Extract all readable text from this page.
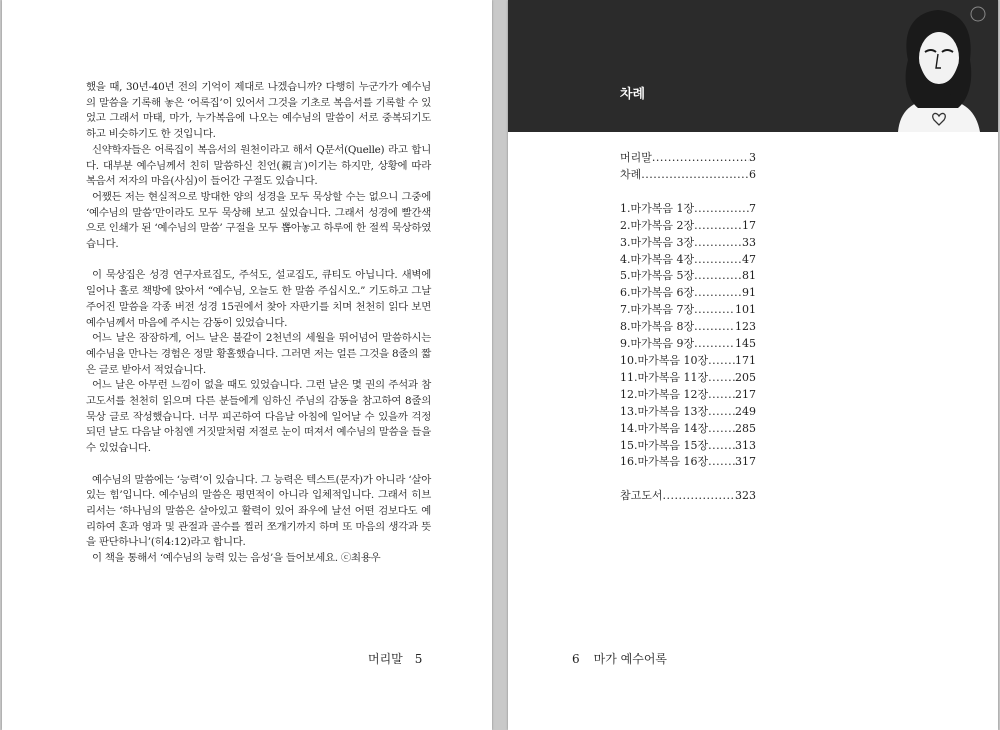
했을 때, 30년-40년 전의 기억이 제대로 나겠습니까? 다행히 누군가가 예수님의 말씀을 기록해 놓은 ‘어록집’이 있어서 그것을 기초로 복음서를 기록할 수 있었고 그래서 마태, 마가, 누가복음에 나오는 예수님의 말씀이 서로 중복되기도 하고 비슷하기도 한 것입니다.

신약학자들은 어록집이 복음서의 원천이라고 해서 Q문서(Quelle) 라고 합니다. 대부분 예수님께서 친히 말씀하신 친언(親言)이기는 하지만, 상황에 따라 복음서 저자의 마음(사심)이 들어간 구절도 있습니다.

어쨌든 저는 현실적으로 방대한 양의 성경을 모두 묵상할 수는 없으니 그중에 ‘예수님의 말씀’만이라도 모두 묵상해 보고 싶었습니다. 그래서 성경에 빨간색으로 인쇄가 된 ‘예수님의 말씀’ 구절을 모두 뽑아놓고 하루에 한 절씩 묵상하였습니다.

이 묵상집은 성경 연구자료집도, 주석도, 설교집도, 큐티도 아닙니다. 새벽에 일어나 홀로 책방에 앉아서 “예수님, 오늘도 한 말씀 주십시오.” 기도하고 그날 주어진 말씀을 각종 버전 성경 15권에서 찾아 자판기를 치며 천천히 읽다 보면 예수님께서 마음에 주시는 감동이 있었습니다.

어느 날은 잠잠하게, 어느 날은 불같이 2천년의 세월을 뛰어넘어 말씀하시는 예수님을 만나는 경험은 정말 황홀했습니다. 그러면 저는 얼른 그것을 8줄의 짧은 글로 받아서 적었습니다.

어느 날은 아무런 느낌이 없을 때도 있었습니다. 그런 날은 몇 권의 주석과 참고도서를 천천히 읽으며 다른 분들에게 임하신 주님의 감동을 참고하여 8줄의 묵상 글로 작성했습니다. 너무 피곤하여 다음날 아침에 일어날 수 있을까 걱정되던 날도 다음날 아침엔 거짓말처럼 저절로 눈이 떠져서 예수님의 말씀을 들을 수 있었습니다.

예수님의 말씀에는 ‘능력’이 있습니다. 그 능력은 텍스트(문자)가 아니라 ‘살아있는 힘’입니다. 예수님의 말씀은 평면적이 아니라 입체적입니다. 그래서 히브리서는 ‘하나님의 말씀은 살아있고 활력이 있어 좌우에 날선 어떤 검보다도 예리하여 혼과 영과 및 관절과 골수를 찔러 쪼개기까지 하며 또 마음의 생각과 뜻을 판단하나니’(히4:12)라고 합니다.

이 책을 통해서 ‘예수님의 능력 있는 음성’을 들어보세요. ⓒ최용우

머리말 5
차례
머리말 .....	3
차례 .....	6
1.마가복음 1장 .....	7
2.마가복음 2장 .....	17
3.마가복음 3장 .....	33
4.마가복음 4장 .....	47
5.마가복음 5장 .....	81
6.마가복음 6장 .....	91
7.마가복음 7장 .....	101
8.마가복음 8장 .....	123
9.마가복음 9장 .....	145
10.마가복음 10장 ..... 171
11.마가복음 11장 ..... 205
12.마가복음 12장 ..... 217
13.마가복음 13장 ..... 249
14.마가복음 14장 ..... 285
15.마가복음 15장 ..... 313
16.마가복음 16장 ..... 317
참고도서 .....	323
6 마가 예수어록
